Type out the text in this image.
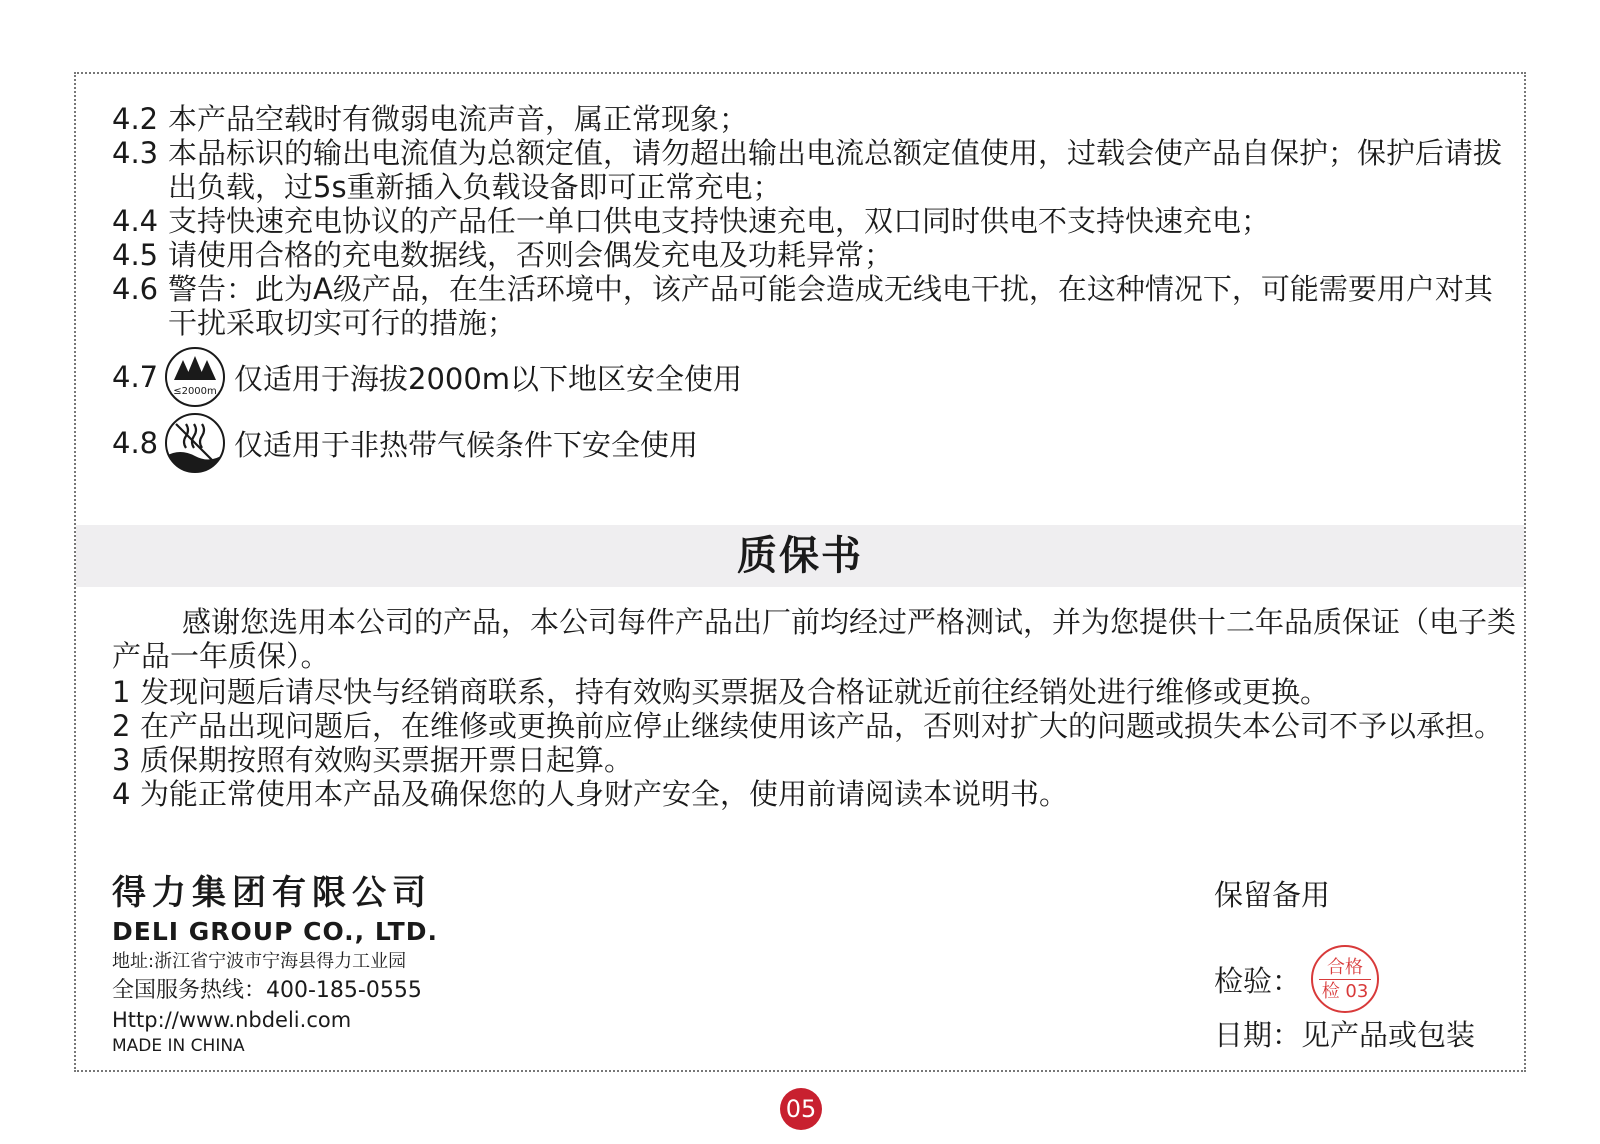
4.2 本产品空载时有微弱电流声音，属正常现象；
4.3 本品标识的输出电流值为总额定值，请勿超出输出电流总额定值使用，过载会使产品自保护；保护后请拔出负载，过5s重新插入负载设备即可正常充电；
4.4 支持快速充电协议的产品任一单口供电支持快速充电，双口同时供电不支持快速充电；
4.5 请使用合格的充电数据线，否则会偶发充电及功耗异常；
4.6 警告：此为A级产品，在生活环境中，该产品可能会造成无线电干扰，在这种情况下，可能需要用户对其干扰采取切实可行的措施；
4.7	≤2000m 仅适用于海拔2000m以下地区安全使用
4.8	仅适用于非热带气候条件下安全使用
质保书
感谢您选用本公司的产品，本公司每件产品出厂前均经过严格测试，并为您提供十二年品质保证（电子类产品一年质保）。
1 发现问题后请尽快与经销商联系，持有效购买票据及合格证就近前往经销处进行维修或更换。
2 在产品出现问题后，在维修或更换前应停止继续使用该产品，否则对扩大的问题或损失本公司不予以承担。
3 质保期按照有效购买票据开票日起算。
4 为能正常使用本产品及确保您的人身财产安全，使用前请阅读本说明书。
得力集团有限公司
DELI GROUP CO., LTD.
地址:浙江省宁波市宁海县得力工业园
全国服务热线：400-185-0555
Http://www.nbdeli.com
MADE IN CHINA
保留备用
检验： 合格
检 03
日期：见产品或包装
05
